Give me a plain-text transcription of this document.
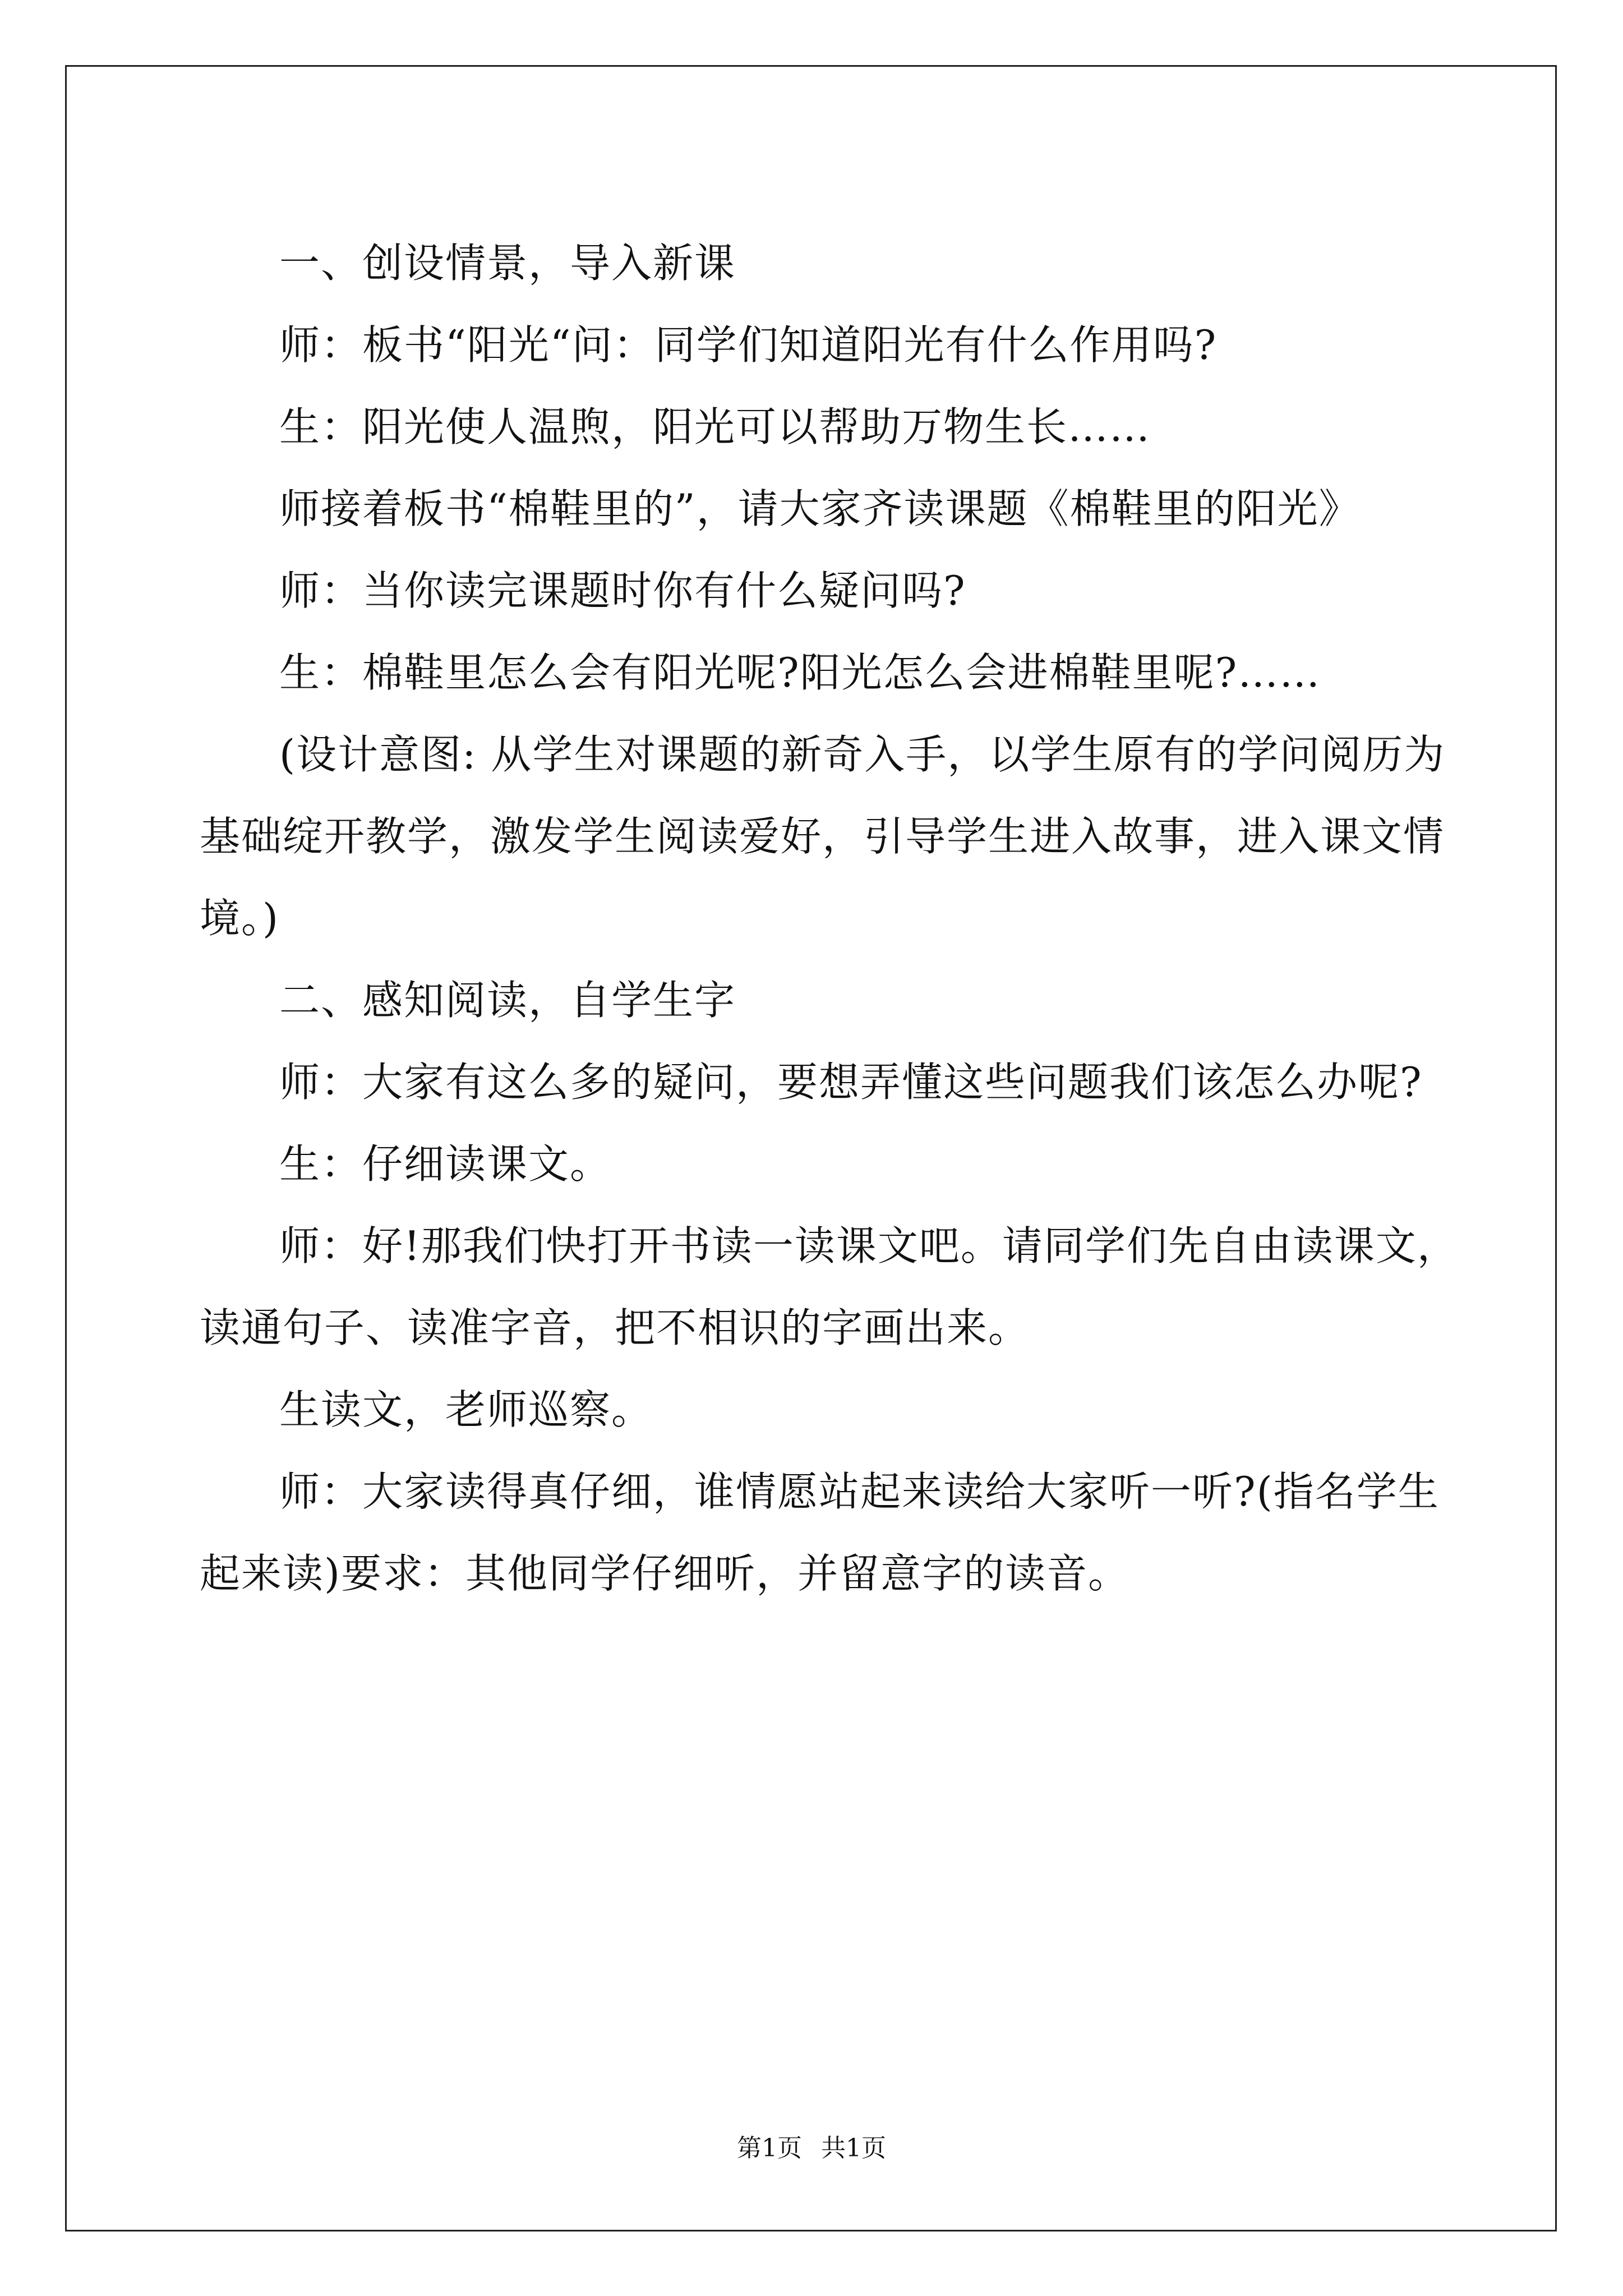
一、创设情景，导入新课

师：板书“阳光“问：同学们知道阳光有什么作用吗?

生：阳光使人温煦，阳光可以帮助万物生长……

师接着板书“棉鞋里的”，请大家齐读课题《棉鞋里的阳光》

师：当你读完课题时你有什么疑问吗?

生：棉鞋里怎么会有阳光呢?阳光怎么会进棉鞋里呢?……

(设计意图: 从学生对课题的新奇入手，以学生原有的学问阅历为

基础绽开教学，激发学生阅读爱好，引导学生进入故事，进入课文情

境。)

二、感知阅读，自学生字

师：大家有这么多的疑问，要想弄懂这些问题我们该怎么办呢?

生：仔细读课文。

师：好!那我们快打开书读一读课文吧。请同学们先自由读课文，

读通句子、读准字音，把不相识的字画出来。

生读文，老师巡察。

师：大家读得真仔细，谁情愿站起来读给大家听一听?(指名学生

起来读)要求：其他同学仔细听，并留意字的读音。

第1页 共1页
